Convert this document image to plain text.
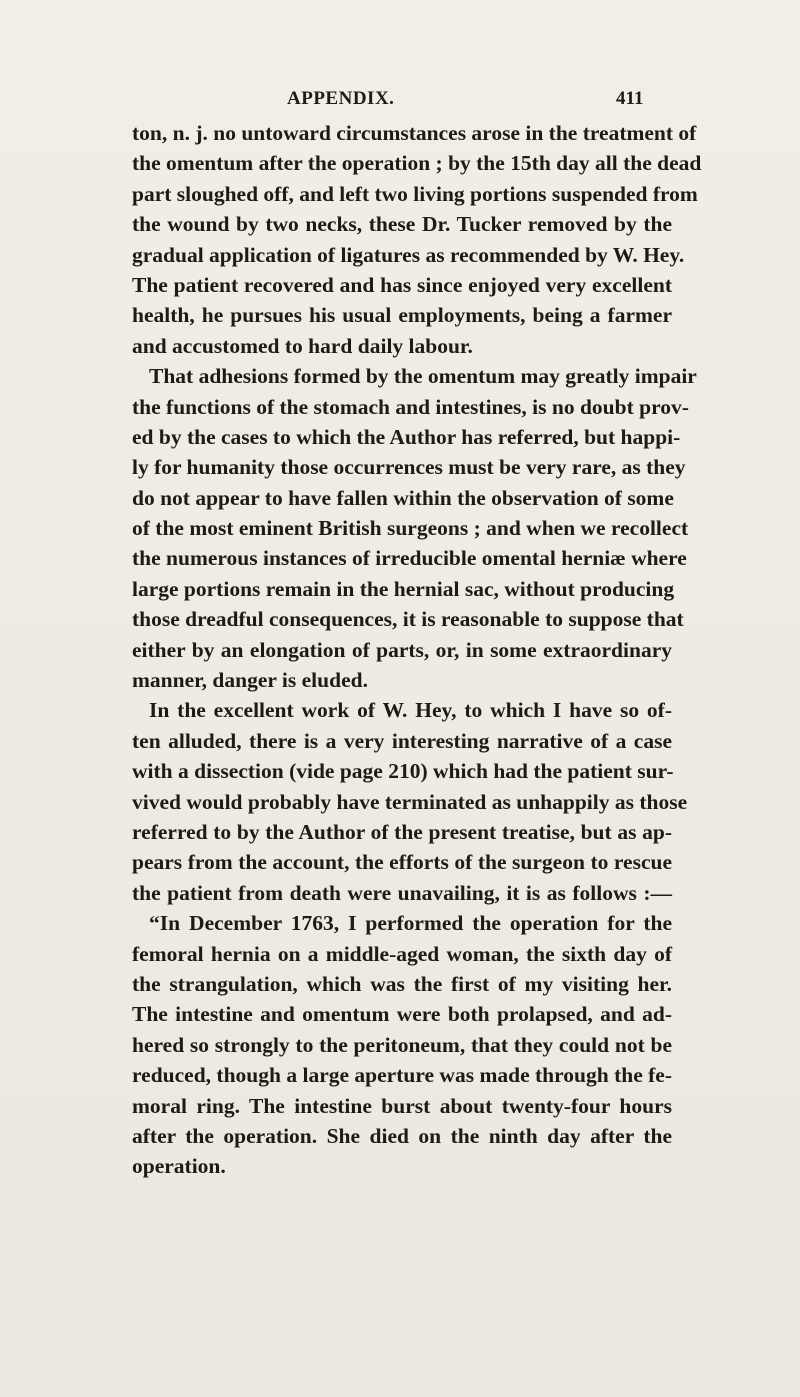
APPENDIX.	411
ton, n. j. no untoward circumstances arose in the treatment of
the omentum after the operation ; by the 15th day all the dead
part sloughed off, and left two living portions suspended from
the wound by two necks, these Dr. Tucker removed by the
gradual application of ligatures as recommended by W. Hey.
The patient recovered and has since enjoyed very excellent
health, he pursues his usual employments, being a farmer
and accustomed to hard daily labour.
That adhesions formed by the omentum may greatly impair
the functions of the stomach and intestines, is no doubt prov-
ed by the cases to which the Author has referred, but happi-
ly for humanity those occurrences must be very rare, as they
do not appear to have fallen within the observation of some
of the most eminent British surgeons ; and when we recollect
the numerous instances of irreducible omental herniæ where
large portions remain in the hernial sac, without producing
those dreadful consequences, it is reasonable to suppose that
either by an elongation of parts, or, in some extraordinary
manner, danger is eluded.
In the excellent work of W. Hey, to which I have so of-
ten alluded, there is a very interesting narrative of a case
with a dissection (vide page 210) which had the patient sur-
vived would probably have terminated as unhappily as those
referred to by the Author of the present treatise, but as ap-
pears from the account, the efforts of the surgeon to rescue
the patient from death were unavailing, it is as follows :—
“In December 1763, I performed the operation for the
femoral hernia on a middle-aged woman, the sixth day of
the strangulation, which was the first of my visiting her.
The intestine and omentum were both prolapsed, and ad-
hered so strongly to the peritoneum, that they could not be
reduced, though a large aperture was made through the fe-
moral ring. The intestine burst about twenty-four hours
after the operation. She died on the ninth day after the
operation.
